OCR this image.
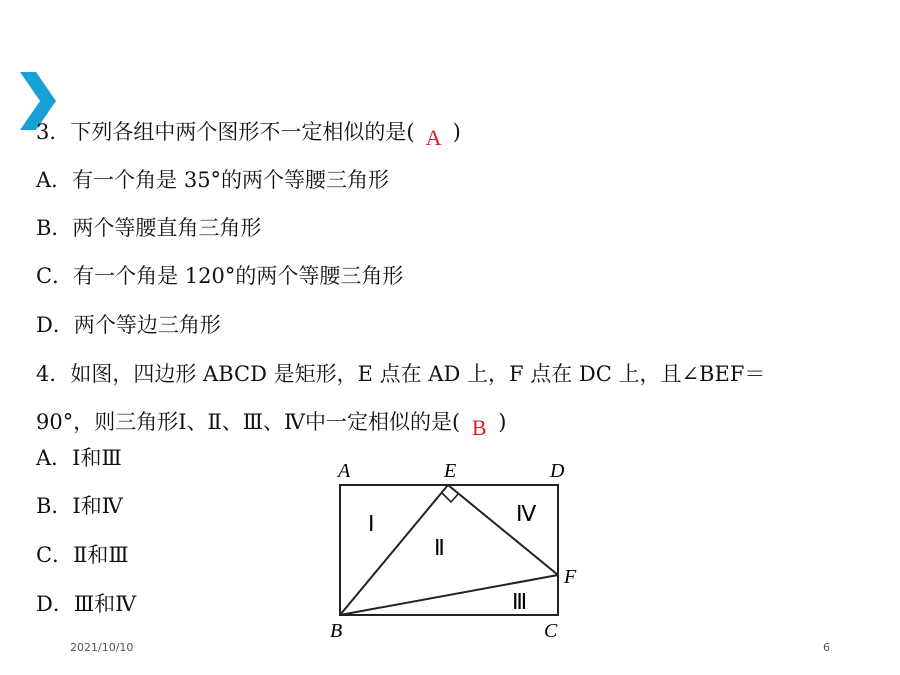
3．下列各组中两个图形不一定相似的是( A )
A．有一个角是 35°的两个等腰三角形
B．两个等腰直角三角形
C．有一个角是 120°的两个等腰三角形
D．两个等边三角形
4．如图，四边形 ABCD 是矩形，E 点在 AD 上，F 点在 DC 上，且∠BEF＝
90°，则三角形Ⅰ、Ⅱ、Ⅲ、Ⅳ中一定相似的是( B )
A．Ⅰ和Ⅲ
B．Ⅰ和Ⅳ
C．Ⅱ和Ⅲ
D．Ⅲ和Ⅳ
A	E	D
F
B	C
Ⅰ
Ⅱ
Ⅲ
Ⅳ
2021/10/10	6
